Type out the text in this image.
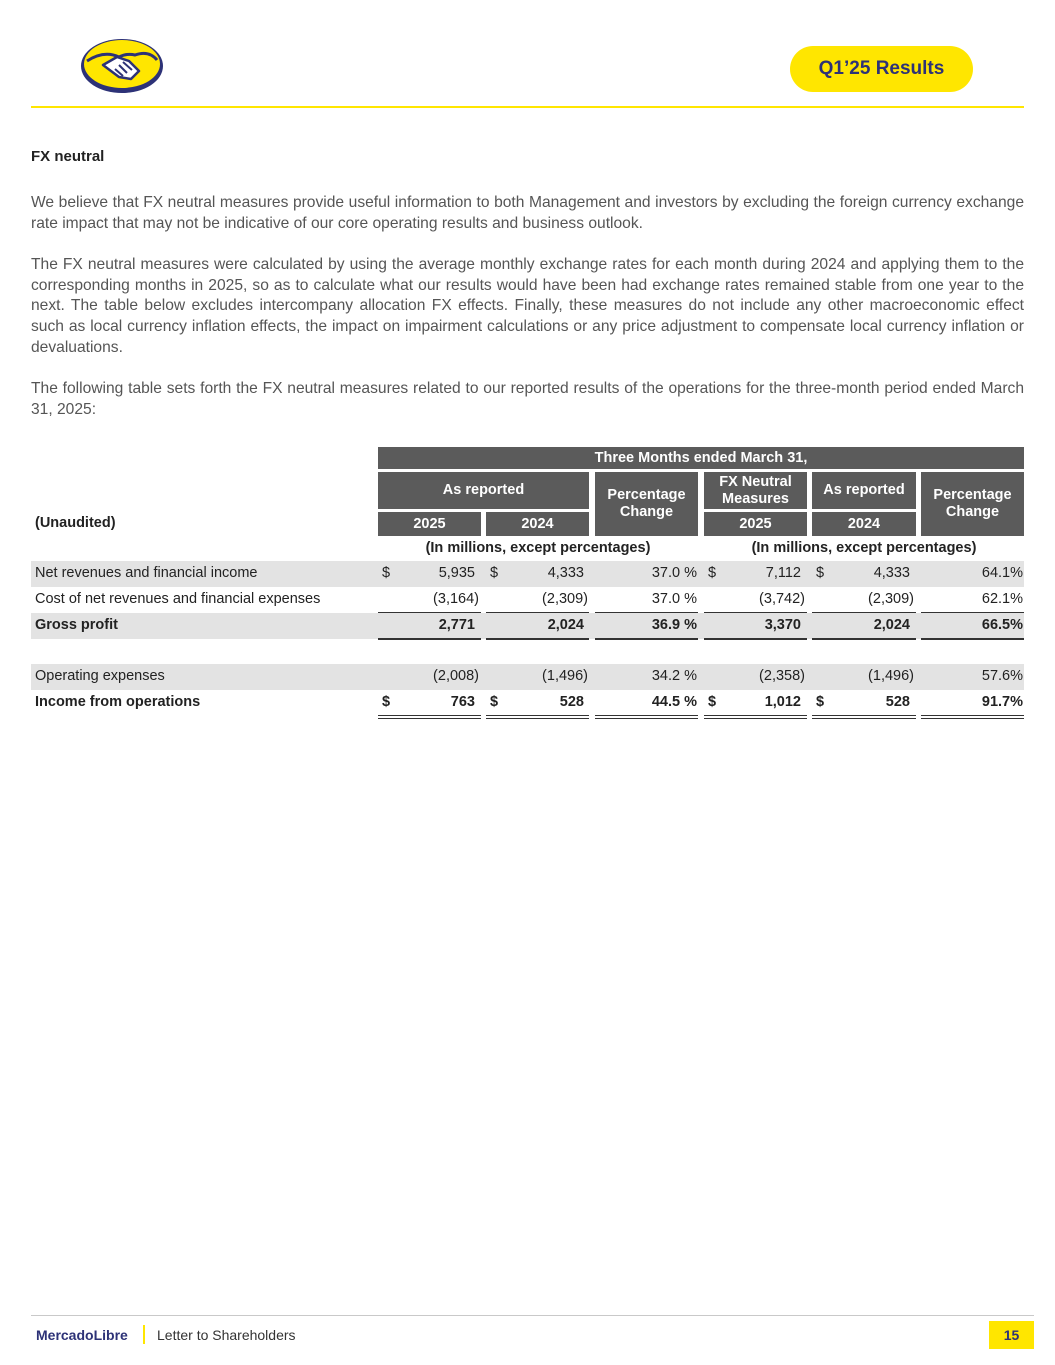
Q1’25 Results
FX neutral

We believe that FX neutral measures provide useful information to both Management and investors by excluding the foreign currency exchange rate impact that may not be indicative of our core operating results and business outlook.

The FX neutral measures were calculated by using the average monthly exchange rates for each month during 2024 and applying them to the corresponding months in 2025, so as to calculate what our results would have been had exchange rates remained stable from one year to the next. The table below excludes intercompany allocation FX effects. Finally, these measures do not include any other macroeconomic effect such as local currency inflation effects, the impact on impairment calculations or any price adjustment to compensate local currency inflation or devaluations.

The following table sets forth the FX neutral measures related to our reported results of the operations for the three-month period ended March 31, 2025:

Three Months ended March 31,
As reported	Percentage Change
FX Neutral Measures
As reported	Percentage Change
2025	2024	2025	2024
(Unaudited)
(In millions, except percentages)	(In millions, except percentages)
Net revenues and financial income	$	5,935 $	4,333	37.0 % $	7,112 $	4,333	64.1%
Cost of net revenues and financial expenses	(3,164)	(2,309)	37.0 %	(3,742)	(2,309)	62.1%
Gross profit	2,771	2,024	36.9 %	3,370	2,024	66.5%
Operating expenses	(2,008)	(1,496)	34.2 %	(2,358)	(1,496)	57.6%
Income from operations	$	763 $	528	44.5 % $	1,012 $	528	91.7%
MercadoLibre Letter to Shareholders	15
